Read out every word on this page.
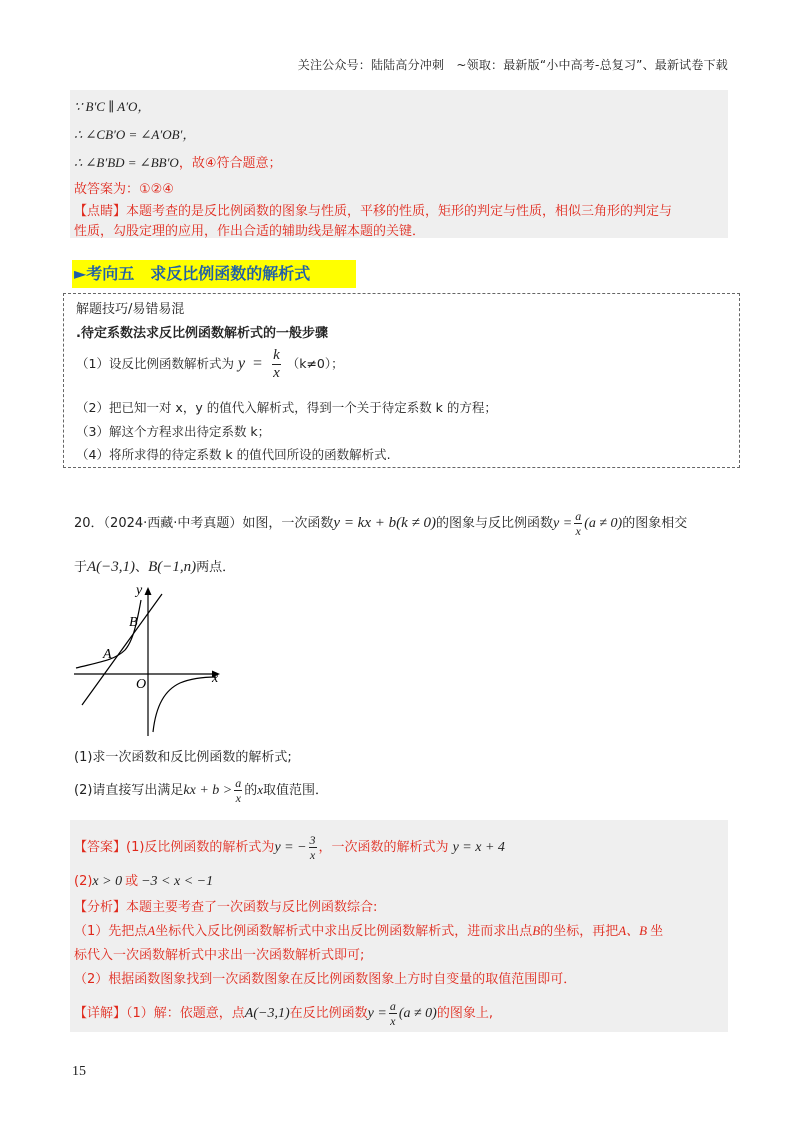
关注公众号：陆陆高分冲刺　~领取：最新版“小中高考-总复习”、最新试卷下载
∵ B′C ∥ A′O，
∴ ∠CB′O = ∠A′OB′，
∴ ∠B′BD = ∠BB′O，故④符合题意；
故答案为：①②④
【点睛】本题考查的是反比例函数的图象与性质，平移的性质，矩形的判定与性质，相似三角形的判定与
性质，勾股定理的应用，作出合适的辅助线是解本题的关键．
►考向五　求反比例函数的解析式
解题技巧/易错易混
.待定系数法求反比例函数解析式的一般步骤
（1）设反比例函数解析式为 $y = \frac{k}{x} (k\ne 0)$；
（2）把已知一对 x，y 的值代入解析式，得到一个关于待定系数 k 的方程；
（3）解这个方程求出待定系数 k；
（4）将所求得的待定系数 k 的值代回所设的函数解析式.
20．（2024·西藏·中考真题）如图，一次函数y = kx + b(k ≠ 0)的图象与反比例函数$y = \frac{a}{x} (a \ne 0)$的图象相交
于A(−3,1)、B(−1,n)两点．
y
x
O
A
B
(1)求一次函数和反比例函数的解析式;
(2)请直接写出满足kx + $b > \frac{a}{x}$ 的x取值范围．
【答案】(1)反比例函数的解析式为y = − $\frac{3}{x}$ ，一次函数的解析式为 y = x + 4
(2)x > 0 或 −3 < x < −1
【分析】本题主要考查了一次函数与反比例函数综合:
（1）先把点A坐标代入反比例函数解析式中求出反比例函数解析式，进而求出点B的坐标，再把A、B 坐
标代入一次函数解析式中求出一次函数解析式即可;
（2）根据函数图象找到一次函数图象在反比例函数图象上方时自变量的取值范围即可．
【详解】（1）解：依题意，点A(−3,1)在反比例函数$y = \frac{a}{x} (a \ne 0)$的图象上,
15
